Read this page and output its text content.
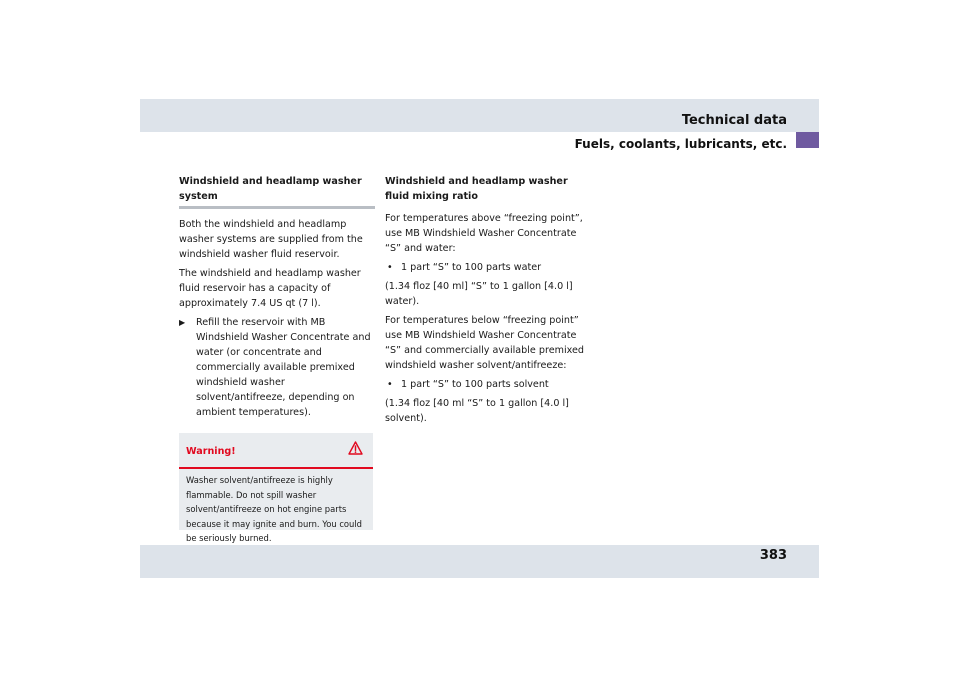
Technical data
Fuels, coolants, lubricants, etc.

Windshield and headlamp washer system

Both the windshield and headlamp washer systems are supplied from the windshield washer fluid reservoir.

The windshield and headlamp washer fluid reservoir has a capacity of approximately 7.4 US qt (7 l).

▶ Refill the reservoir with MB Windshield Washer Concentrate and water (or concentrate and commercially available premixed windshield washer solvent/antifreeze, depending on ambient temperatures).
Warning!
Washer solvent/antifreeze is highly flammable. Do not spill washer solvent/antifreeze on hot engine parts because it may ignite and burn. You could be seriously burned.

Windshield and headlamp washer fluid mixing ratio

For temperatures above “freezing point”, use MB Windshield Washer Concentrate “S” and water:

• 1 part “S” to 100 parts water

(1.34 floz [40 ml] “S” to 1 gallon [4.0 l] water).

For temperatures below “freezing point” use MB Windshield Washer Concentrate “S” and commercially available premixed windshield washer solvent/antifreeze:

• 1 part “S” to 100 parts solvent

(1.34 floz [40 ml “S” to 1 gallon [4.0 l] solvent).

383
